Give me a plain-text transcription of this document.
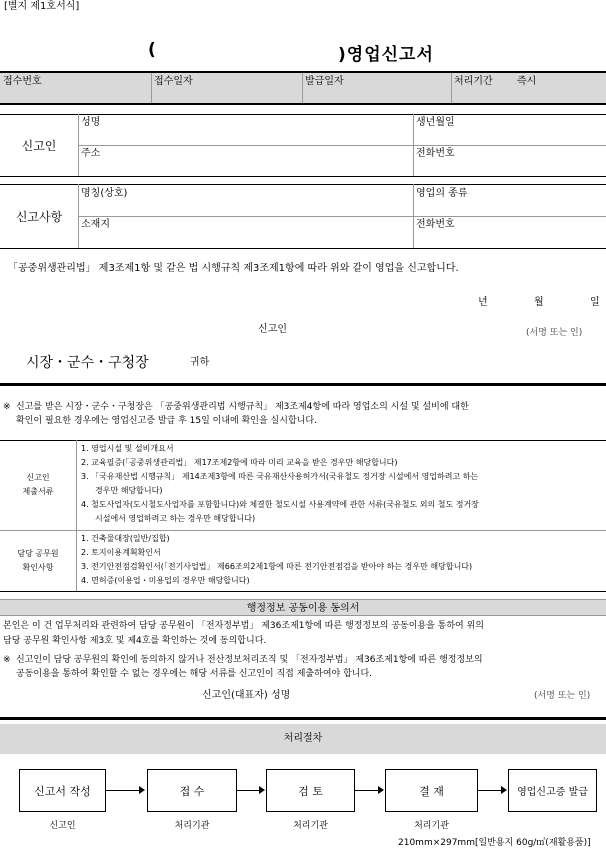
[별지 제1호서식]
(	)영업신고서
접수번호	접수일자	발급일자	처리기간 즉시
신고인
성명	생년월일
주소	전화번호
신고사항
명칭(상호)	영업의 종류
소재지	전화번호
「공중위생관리법」 제3조제1항 및 같은 법 시행규칙 제3조제1항에 따라 위와 같이 영업을 신고합니다.
년	월	일
신고인	(서명 또는 인)
시장・군수・구청장	귀하
※ 신고를 받은 시장・군수・구청장은 「공중위생관리법 시행규칙」 제3조제4항에 따라 영업소의 시설 및 설비에 대한
확인이 필요한 경우에는 영업신고증 발급 후 15일 이내에 확인을 실시합니다.
신고인
제출서류
1. 영업시설 및 설비개요서
2. 교육필증(「공중위생관리법」 제17조제2항에 따라 미리 교육을 받은 경우만 해당합니다)
3. 「국유재산법 시행규칙」 제14조제3항에 따른 국유재산사용허가서(국유철도 정거장 시설에서 영업하려고 하는
경우만 해당합니다)
4. 철도사업자(도시철도사업자를 포함합니다)와 체결한 철도시설 사용계약에 관한 서류(국유철도 외의 철도 정거장
시설에서 영업하려고 하는 경우만 해당합니다)
담당 공무원
확인사항
1. 건축물대장(일반/집합)
2. 토지이용계획확인서
3. 전기안전점검확인서(「전기사업법」 제66조의2제1항에 따른 전기안전점검을 받아야 하는 경우만 해당합니다)
4. 면허증(이용업・미용업의 경우만 해당합니다)
행정정보 공동이용 동의서
본인은 이 건 업무처리와 관련하여 담당 공무원이 「전자정부법」 제36조제1항에 따른 행정정보의 공동이용을 통하여 위의
담당 공무원 확인사항 제3호 및 제4호를 확인하는 것에 동의합니다.
※ 신고인이 담당 공무원의 확인에 동의하지 않거나 전산정보처리조직 및 「전자정부법」 제36조제1항에 따른 행정정보의
공동이용을 통하여 확인할 수 없는 경우에는 해당 서류를 신고인이 직접 제출하여야 합니다.
신고인(대표자) 성명	(서명 또는 인)
처리절차
신고서 작성	접 수	검 토	결 재	영업신고증 발급
신고인	처리기관	처리기관	처리기관
210mm×297mm[일반용지 60g/㎡(재활용품)]
